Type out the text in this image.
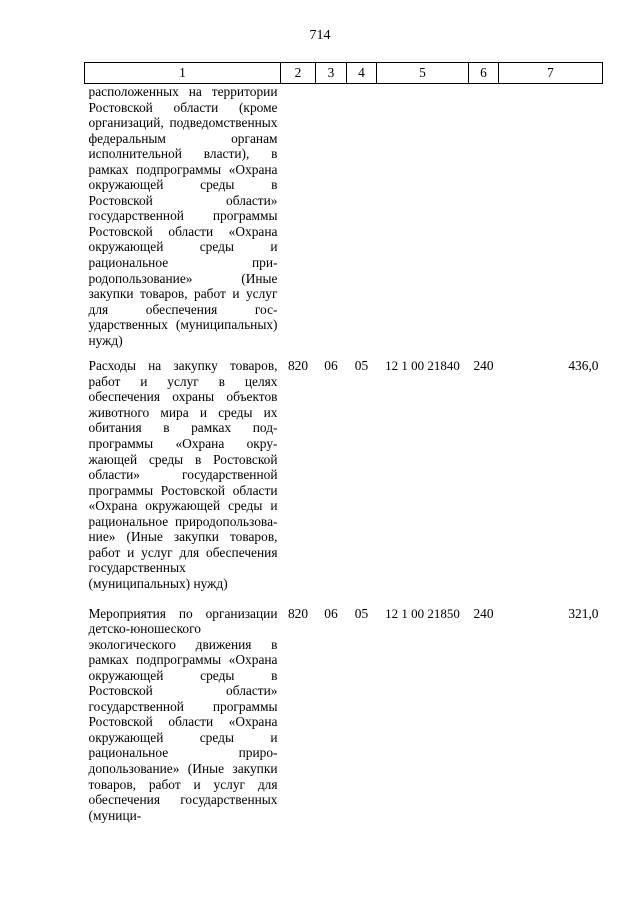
714
1	2	3	4	5	6	7
расположенных на территории Ростовской области (кроме организаций, подведомственных федеральным органам исполнительной власти), в рамках подпрограммы «Охрана окружающей среды в Ростовской области» государственной программы Ростовской области «Охрана окружающей среды и рациональное природопользование» (Иные закупки товаров, работ и услуг для обеспечения государственных (муниципальных) нужд)						

Расходы на закупку товаров, работ и услуг в целях обеспечения охраны объектов животного мира и среды их обитания в рамках подпрограммы «Охрана окружающей среды в Ростовской области» государственной программы Ростовской области «Охрана окружающей среды и рациональное природопользование» (Иные закупки товаров, работ и услуг для обеспечения государственных (муниципальных) нужд)	820	06	05	12 1 00 21840	240	436,0

Мероприятия по организации детско-юношеского экологического движения в рамках подпрограммы «Охрана окружающей среды в Ростовской области» государственной программы Ростовской области «Охрана окружающей среды и рациональное природопользование» (Иные закупки товаров, работ и услуг для обеспечения государственных (муници-	820	06	05	12 1 00 21850	240	321,0
